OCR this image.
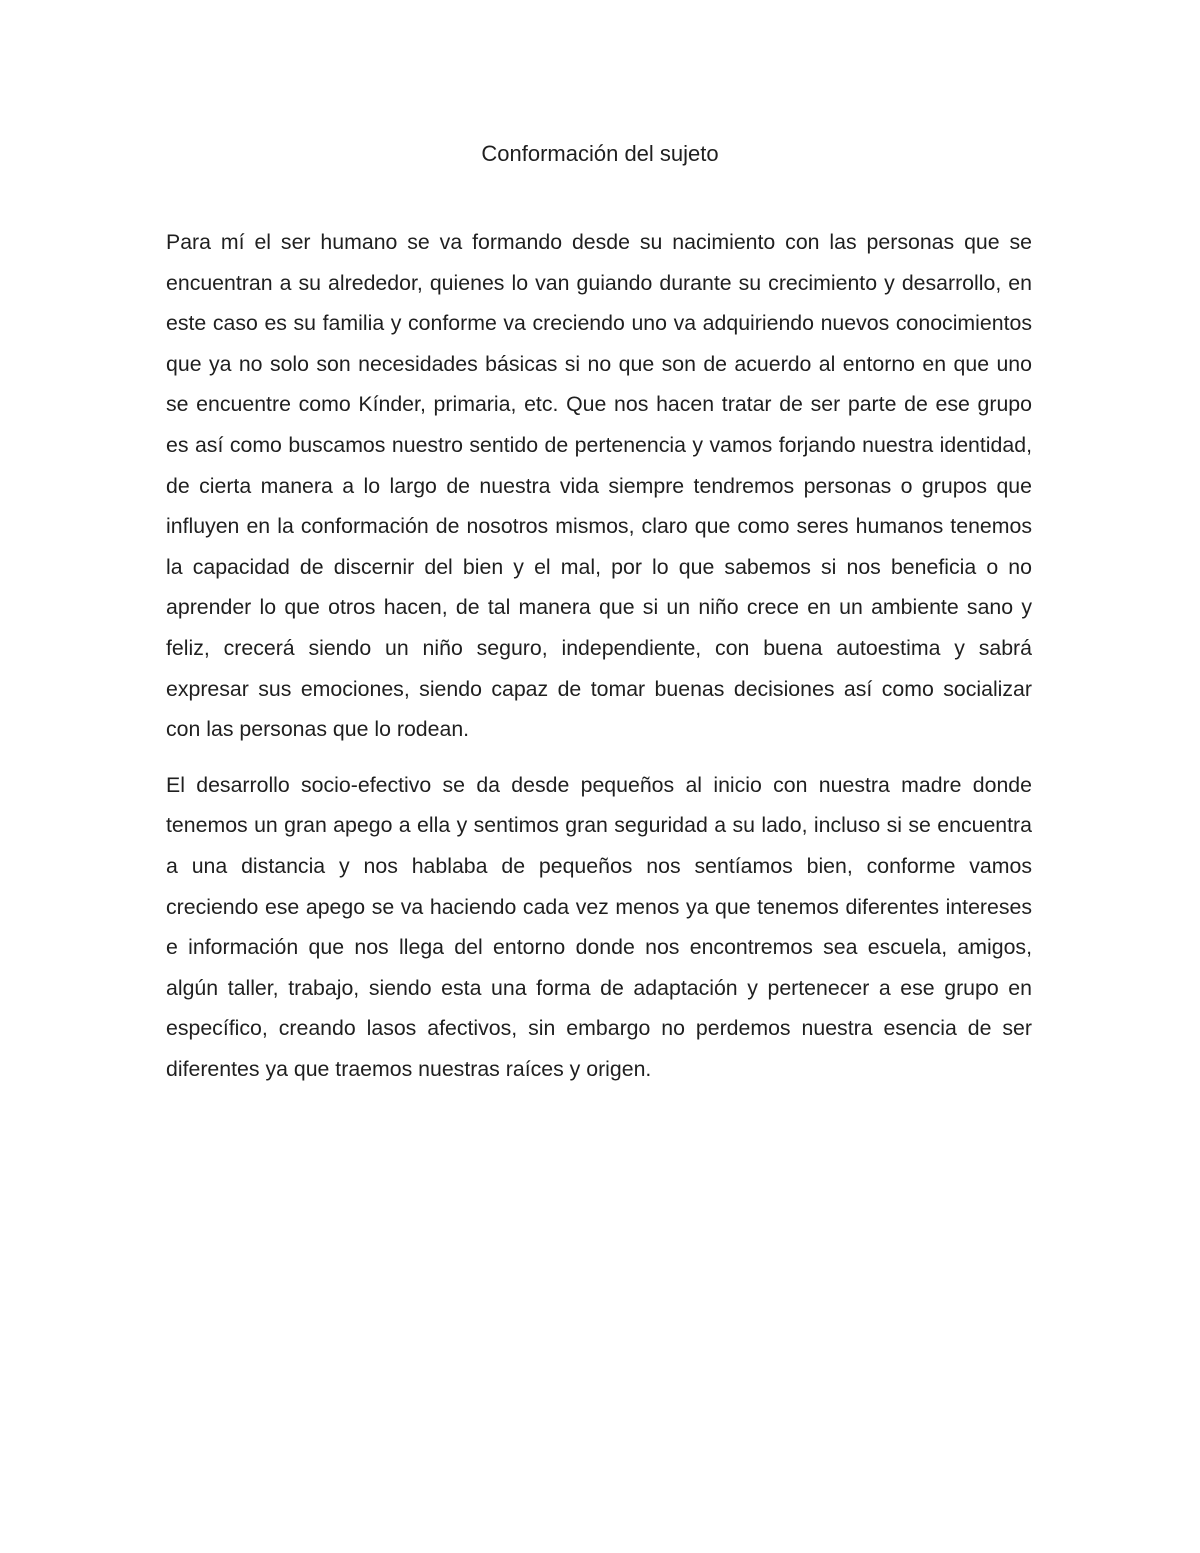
Conformación del sujeto

Para mí el ser humano se va formando desde su nacimiento con las personas que se encuentran a su alrededor, quienes lo van guiando durante su crecimiento y desarrollo, en este caso es su familia y conforme va creciendo uno va adquiriendo nuevos conocimientos que ya no solo son necesidades básicas si no que son de acuerdo al entorno en que uno se encuentre como Kínder, primaria, etc. Que nos hacen tratar de ser parte de ese grupo es así como buscamos nuestro sentido de pertenencia y vamos forjando nuestra identidad, de cierta manera a lo largo de nuestra vida siempre tendremos personas o grupos que influyen en la conformación de nosotros mismos, claro que como seres humanos tenemos la capacidad de discernir del bien y el mal, por lo que sabemos si nos beneficia o no aprender lo que otros hacen, de tal manera que si un niño crece en un ambiente sano y feliz, crecerá siendo un niño seguro, independiente, con buena autoestima y sabrá expresar sus emociones, siendo capaz de tomar buenas decisiones así como socializar con las personas que lo rodean.

El desarrollo socio-efectivo se da desde pequeños al inicio con nuestra madre donde tenemos un gran apego a ella y sentimos gran seguridad a su lado, incluso si se encuentra a una distancia y nos hablaba de pequeños nos sentíamos bien, conforme vamos creciendo ese apego se va haciendo cada vez menos ya que tenemos diferentes intereses e información que nos llega del entorno donde nos encontremos sea escuela, amigos, algún taller, trabajo, siendo esta una forma de adaptación y pertenecer a ese grupo en específico, creando lasos afectivos, sin embargo no perdemos nuestra esencia de ser diferentes ya que traemos nuestras raíces y origen.
